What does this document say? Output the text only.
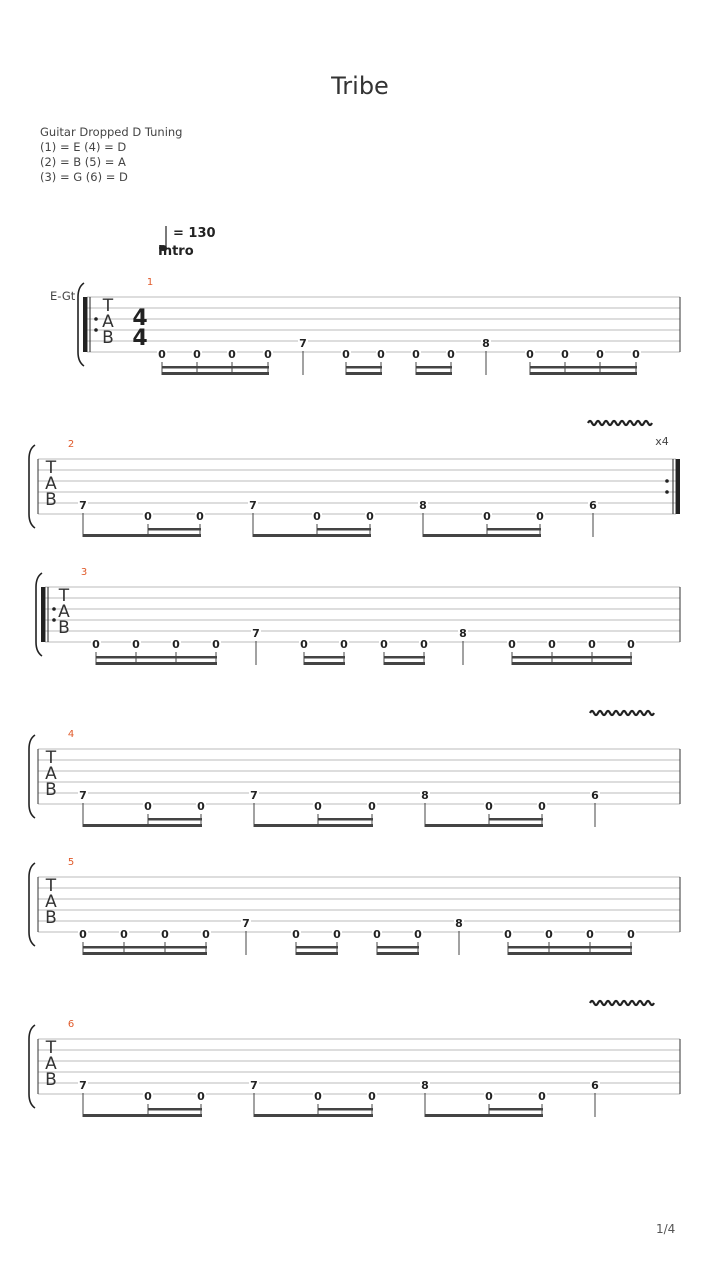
Tribe
Guitar Dropped D Tuning
(1) = E (4) = D
(2) = B (5) = A
(3) = G (6) = D
= 130
Intro
E-Gt T
A
B
4
4
1
0 0 0	0
7
0 0 0 0
8
0 0 0	0
x4
T
A
B
2
7
0	0
7
0	0
8
0	0
6
T
A
B
3
0	0	0	0
7
0	0	0	0
8
0	0	0	0
T
A
B
4
7
0	0
7
0	0
8
0	0
6
T
A
B
5
0	0	0	0
7
0	0	0	0
8
0	0	0	0
T
A
B
6
7
0	0
7
0	0
8
0	0
6
1/4
